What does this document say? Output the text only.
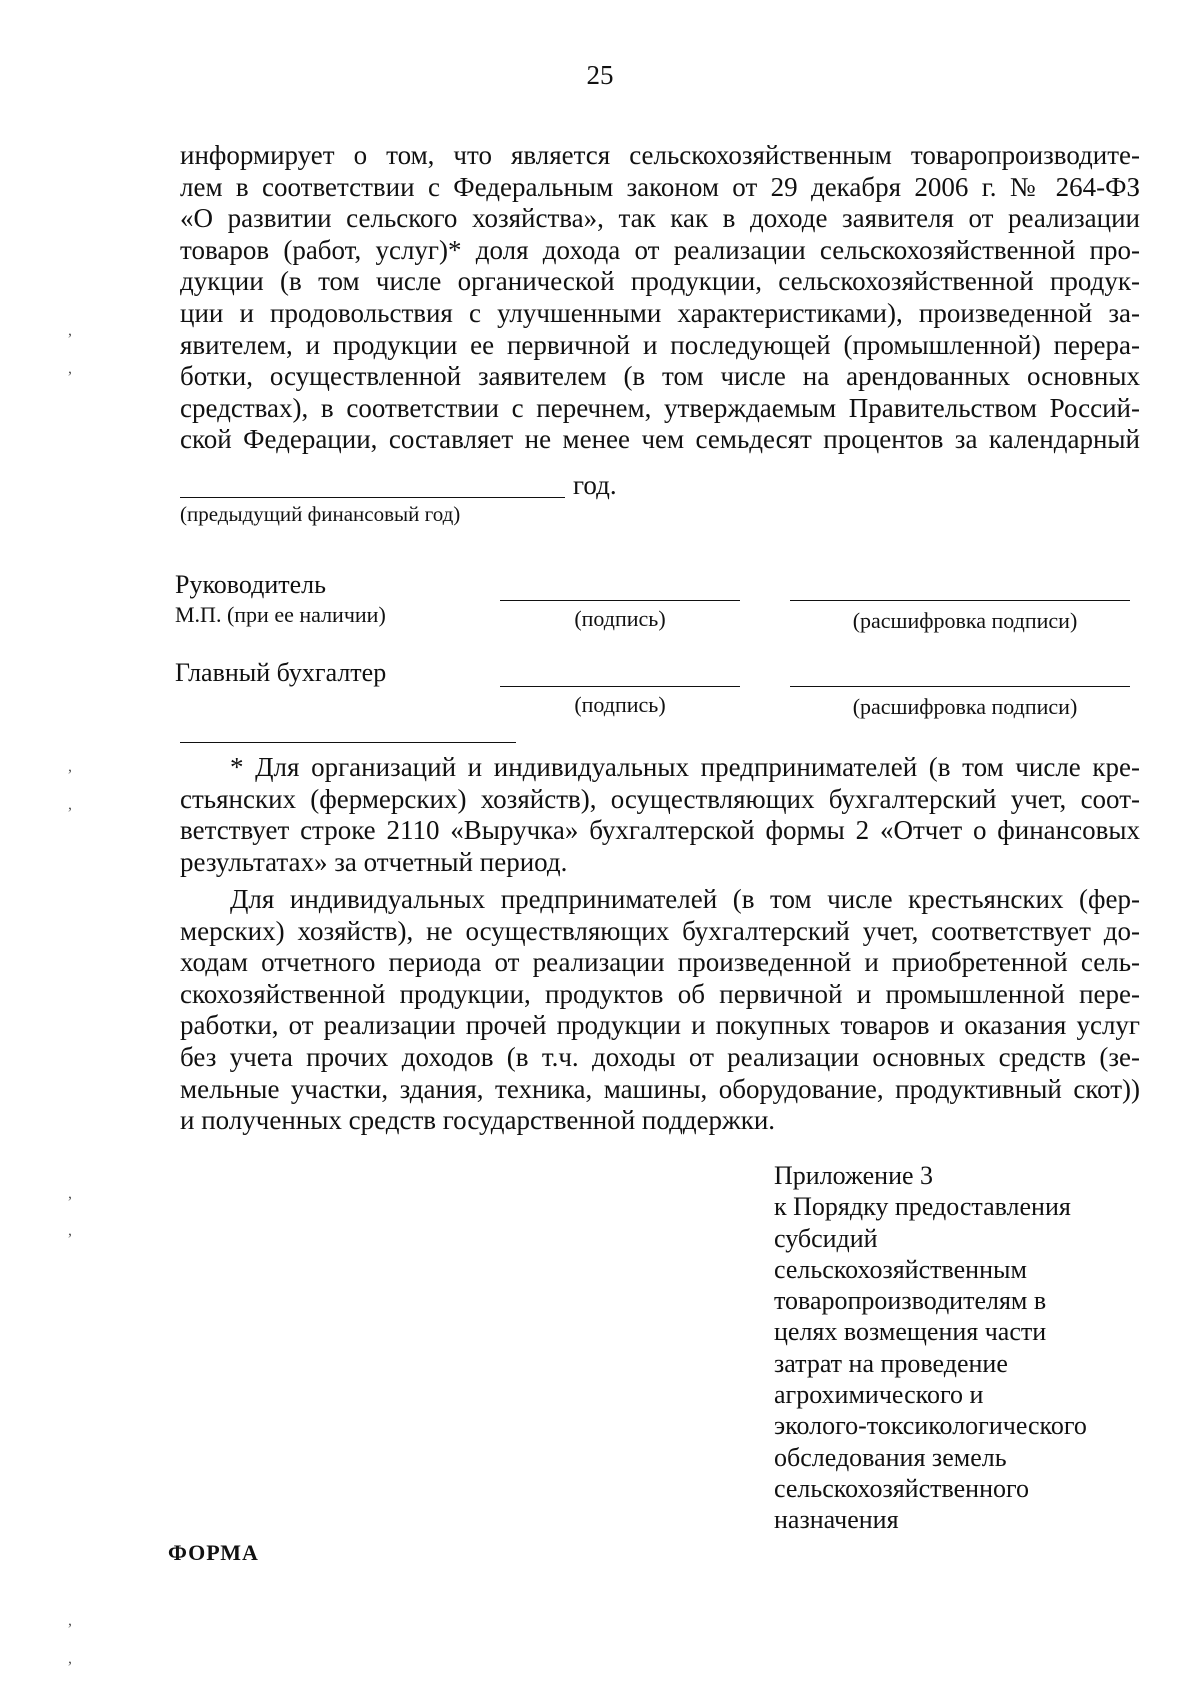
25
информирует о том, что является сельскохозяйственным товаропроизводите-
лем в соответствии с Федеральным законом от 29 декабря 2006 г. № 264-ФЗ
«О развитии сельского хозяйства», так как в доходе заявителя от реализации
товаров (работ, услуг)* доля дохода от реализации сельскохозяйственной про-
дукции (в том числе органической продукции, сельскохозяйственной продук-
ции и продовольствия с улучшенными характеристиками), произведенной за-
явителем, и продукции ее первичной и последующей (промышленной) перера-
ботки, осуществленной заявителем (в том числе на арендованных основных
средствах), в соответствии с перечнем, утверждаемым Правительством Россий-
ской Федерации, составляет не менее чем семьдесят процентов за календарный
год.
(предыдущий финансовый год)
Руководитель
М.П. (при ее наличии)	(подпись)	(расшифровка подписи)
Главный бухгалтер
(подпись)	(расшифровка подписи)
* Для организаций и индивидуальных предпринимателей (в том числе кре-
стьянских (фермерских) хозяйств), осуществляющих бухгалтерский учет, соот-
ветствует строке 2110 «Выручка» бухгалтерской формы 2 «Отчет о финансовых
результатах» за отчетный период.
Для индивидуальных предпринимателей (в том числе крестьянских (фер-
мерских) хозяйств), не осуществляющих бухгалтерский учет, соответствует до-
ходам отчетного периода от реализации произведенной и приобретенной сель-
скохозяйственной продукции, продуктов об первичной и промышленной пере-
работки, от реализации прочей продукции и покупных товаров и оказания услуг
без учета прочих доходов (в т.ч. доходы от реализации основных средств (зе-
мельные участки, здания, техника, машины, оборудование, продуктивный скот))
и полученных средств государственной поддержки.
Приложение 3
к Порядку предоставления
субсидий
сельскохозяйственным
товаропроизводителям в
целях возмещения части
затрат на проведение
агрохимического и
эколого-токсикологического
обследования земель
сельскохозяйственного
назначения
ФОРМА
,
,
,
,
,
,
,
,
